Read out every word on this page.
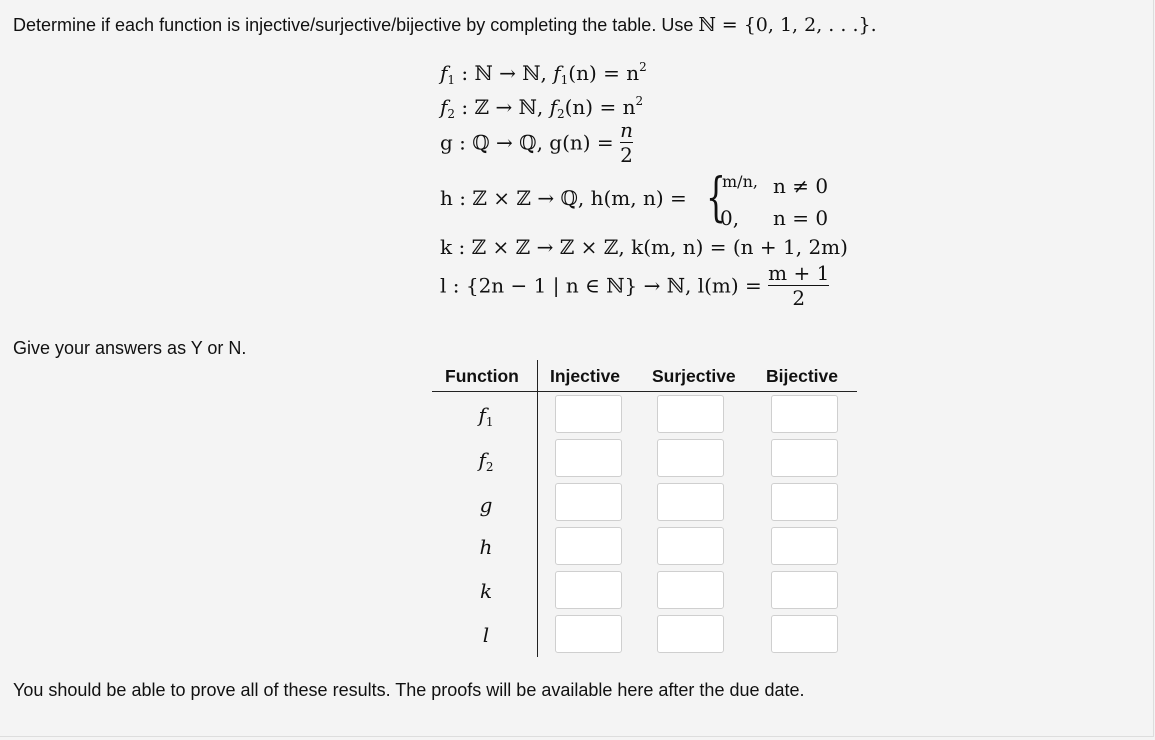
Determine if each function is injective/surjective/bijective by completing the table. Use ℕ = {0, 1, 2, . . .}.
$f_1$ : ℕ → ℕ, $f_1(n) = n^2$
$f_2$ : ℤ → ℕ, $f_2(n) = n^2$
g : ℚ → ℚ, $g(n) = \frac{n}{2}$
h : ℤ × ℤ → ℚ, h(m, n) = {
m/n, n ≠ 0
0, n = 0
k : ℤ × ℤ → ℤ × ℤ, k(m, n) = (n + 1, 2m)
l : {2n − 1 | n ∈ ℕ} → ℕ, $l(m) = \frac{m + 1}{2}$
Give your answers as Y or N.
Function Injective Surjective Bijective
$f_1$
$f_2$
g
h
k
l
You should be able to prove all of these results. The proofs will be available here after the due date.
